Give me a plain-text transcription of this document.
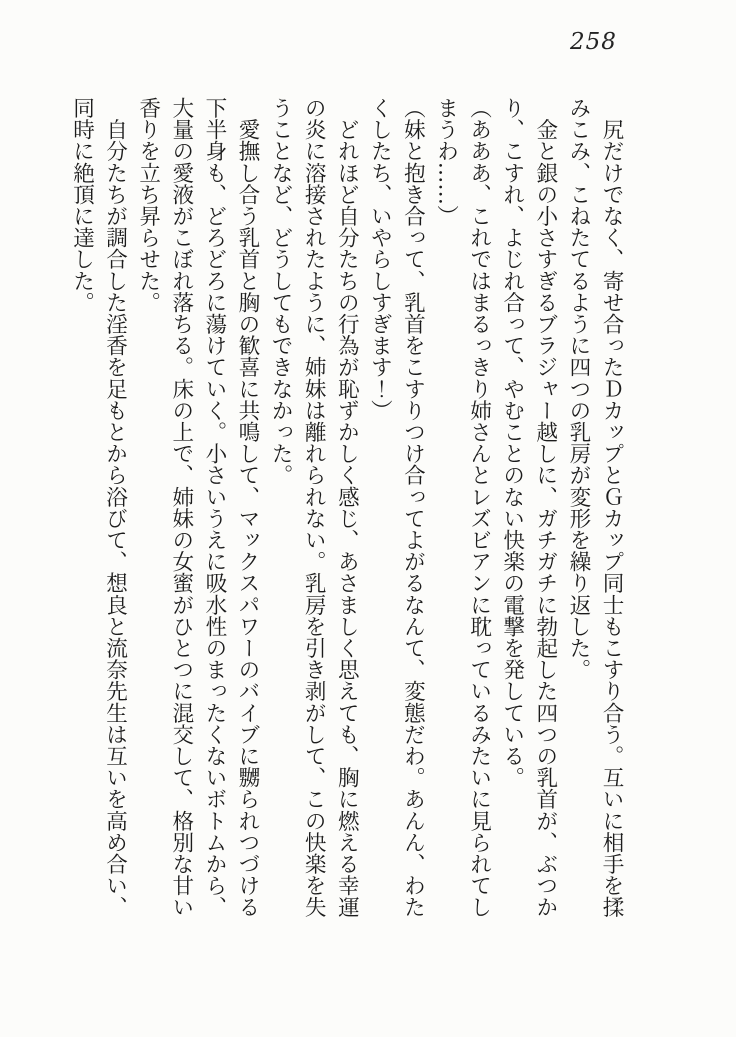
258

　尻だけでなく、寄せ合ったＤカップとＧカップ同士もこすり合う。互いに相手を揉みこみ、こねたてるように四つの乳房が変形を繰り返した。

　金と銀の小さすぎるブラジャー越しに、ガチガチに勃起した四つの乳首が、ぶつかり、こすれ、よじれ合って、やむことのない快楽の電撃を発している。

（あああ、これではまるっきり姉さんとレズビアンに耽っているみたいに見られてしまうわ……）

（妹と抱き合って、乳首をこすりつけ合ってよがるなんて、変態だわ。あんん、わたくしたち、いやらしすぎます！）

　どれほど自分たちの行為が恥ずかしく感じ、あさましく思えても、胸に燃える幸運の炎に溶接されたように、姉妹は離れられない。乳房を引き剥がして、この快楽を失うことなど、どうしてもできなかった。

　愛撫し合う乳首と胸の歓喜に共鳴して、マックスパワーのバイブに嬲られつづける下半身も、どろどろに蕩けていく。小さいうえに吸水性のまったくないボトムから、大量の愛液がこぼれ落ちる。床の上で、姉妹の女蜜がひとつに混交して、格別な甘い香りを立ち昇らせた。

　自分たちが調合した淫香を足もとから浴びて、想良と流奈先生は互いを高め合い、同時に絶頂に達した。
